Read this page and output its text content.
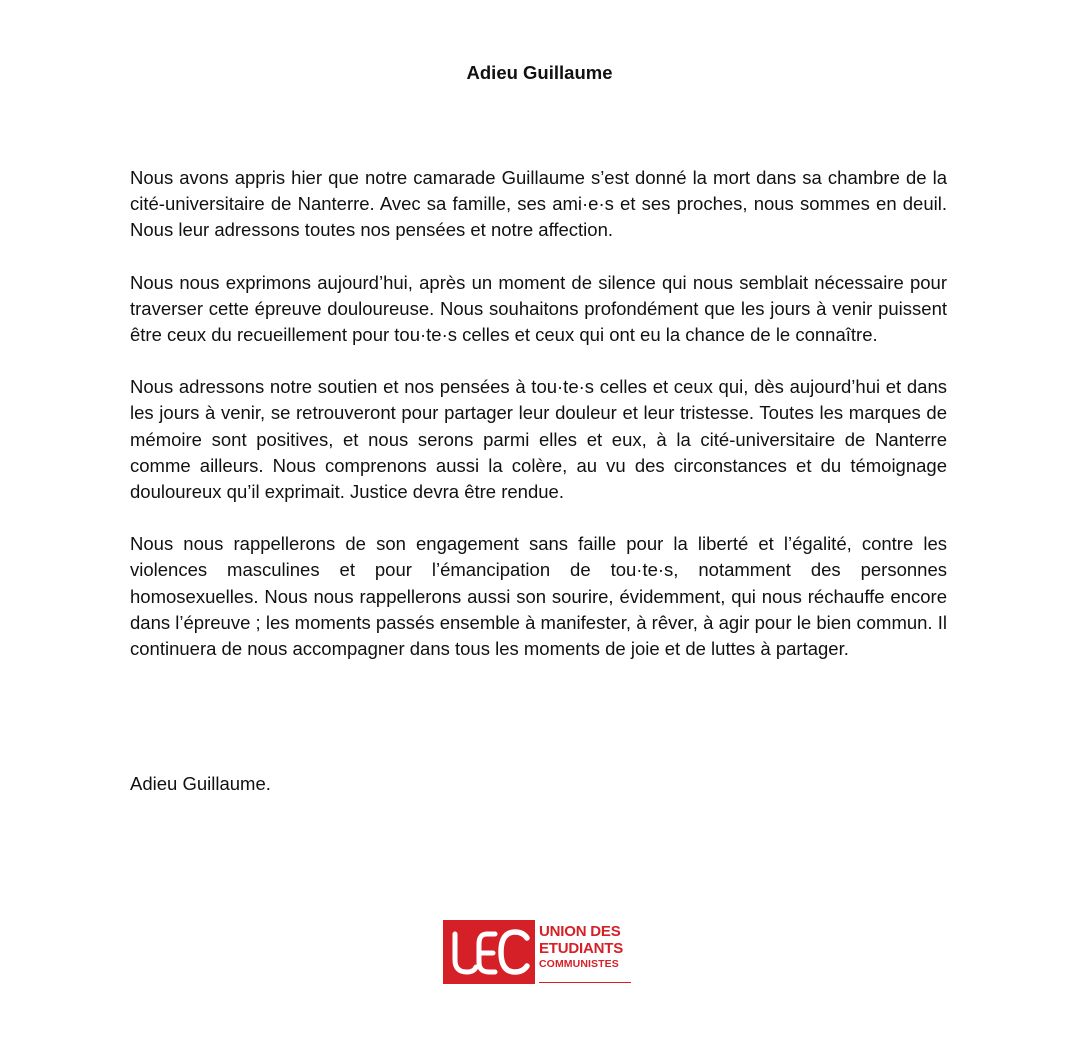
Adieu Guillaume

Nous avons appris hier que notre camarade Guillaume s’est donné la mort dans sa chambre de la cité-universitaire de Nanterre. Avec sa famille, ses ami·e·s et ses proches, nous sommes en deuil. Nous leur adressons toutes nos pensées et notre affection.

Nous nous exprimons aujourd’hui, après un moment de silence qui nous semblait nécessaire pour traverser cette épreuve douloureuse. Nous souhaitons profondément que les jours à venir puissent être ceux du recueillement pour tou·te·s celles et ceux qui ont eu la chance de le connaître.

Nous adressons notre soutien et nos pensées à tou·te·s celles et ceux qui, dès aujourd’hui et dans les jours à venir, se retrouveront pour partager leur douleur et leur tristesse. Toutes les marques de mémoire sont positives, et nous serons parmi elles et eux, à la cité-universitaire de Nanterre comme ailleurs. Nous comprenons aussi la colère, au vu des circonstances et du témoignage douloureux qu’il exprimait. Justice devra être rendue.

Nous nous rappellerons de son engagement sans faille pour la liberté et l’égalité, contre les violences masculines et pour l’émancipation de tou·te·s, notamment des personnes homosexuelles. Nous nous rappellerons aussi son sourire, évidemment, qui nous réchauffe encore dans l’épreuve ; les moments passés ensemble à manifester, à rêver, à agir pour le bien commun. Il continuera de nous accompagner dans tous les moments de joie et de luttes à partager.

Adieu Guillaume.
UNION DES
ETUDIANTS
COMMUNISTES
